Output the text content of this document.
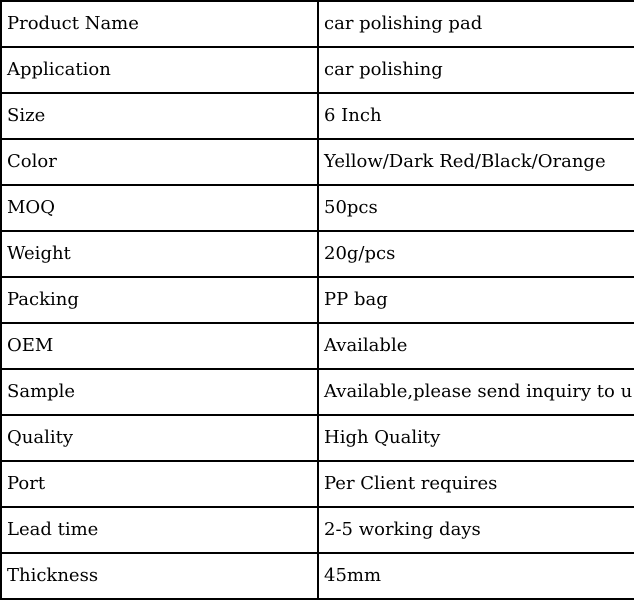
Product Name	car polishing pad
Application	car polishing
Size	6 Inch
Color	Yellow/Dark Red/Black/Orange
MOQ	50pcs
Weight	20g/pcs
Packing	PP bag
OEM	Available
Sample	Available,please send inquiry to u
Quality	High Quality
Port	Per Client requires
Lead time	2-5 working days
Thickness	45mm
